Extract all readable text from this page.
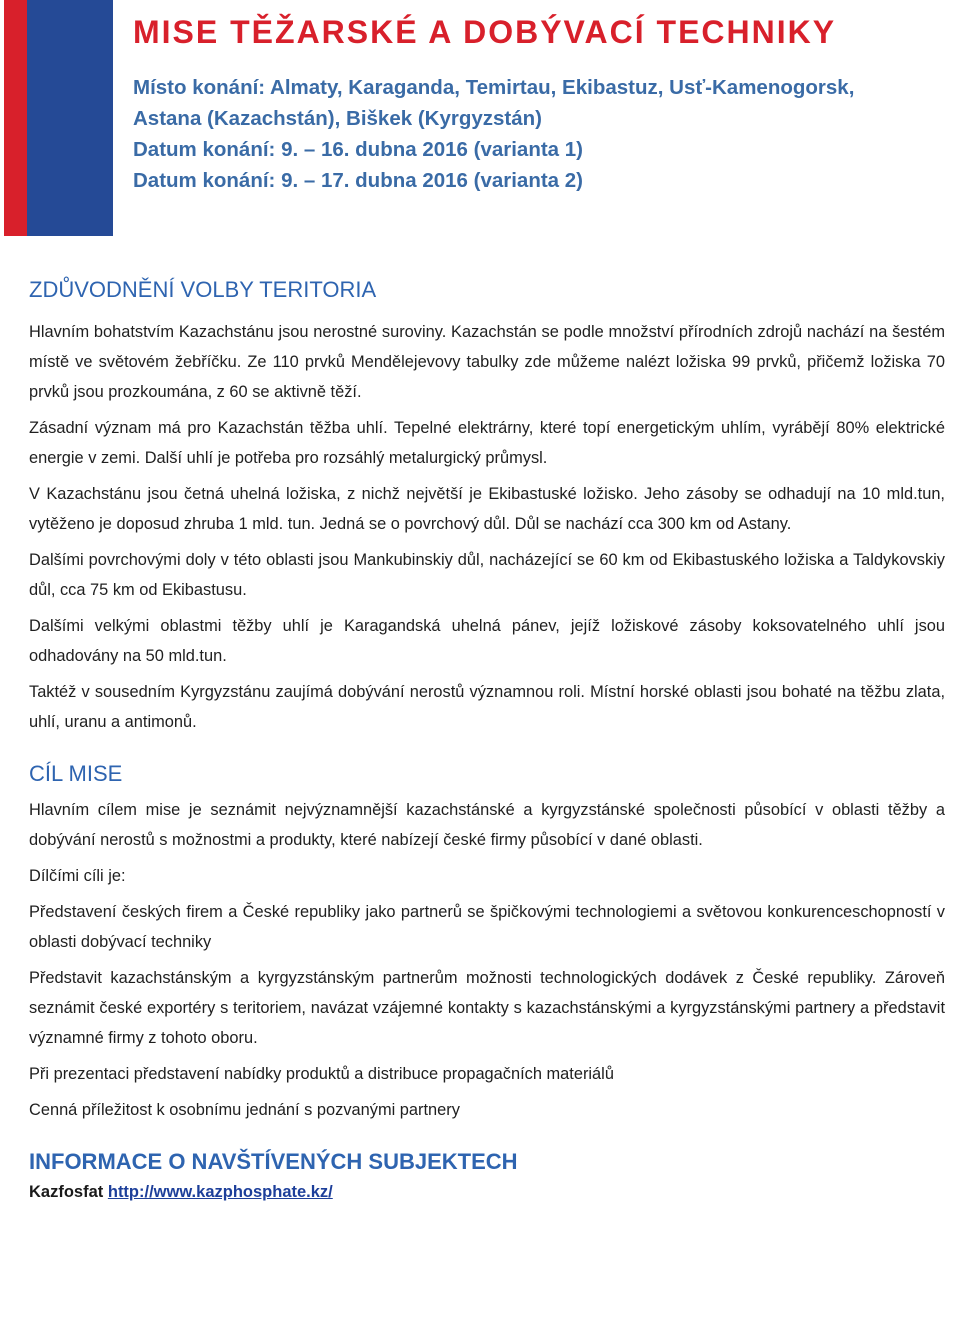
MISE TĚŽARSKÉ A DOBÝVACÍ TECHNIKY
Místo konání: Almaty, Karaganda, Temirtau, Ekibastuz, Usť-Kamenogorsk,
Astana (Kazachstán), Biškek (Kyrgyzstán)
Datum konání: 9. – 16. dubna 2016 (varianta 1)
Datum konání: 9. – 17. dubna 2016 (varianta 2)
ZDŮVODNĚNÍ VOLBY TERITORIA

Hlavním bohatstvím Kazachstánu jsou nerostné suroviny. Kazachstán se podle množství přírodních zdrojů nachází na šestém místě ve světovém žebříčku. Ze 110 prvků Mendělejevovy tabulky zde můžeme nalézt ložiska 99 prvků, přičemž ložiska 70 prvků jsou prozkoumána, z 60 se aktivně těží.

Zásadní význam má pro Kazachstán těžba uhlí. Tepelné elektrárny, které topí energetickým uhlím, vyrábějí 80% elektrické energie v zemi. Další uhlí je potřeba pro rozsáhlý metalurgický průmysl.

V Kazachstánu jsou četná uhelná ložiska, z nichž největší je Ekibastuské ložisko. Jeho zásoby se odhadují na 10 mld.tun, vytěženo je doposud zhruba 1 mld. tun. Jedná se o povrchový důl. Důl se nachází cca 300 km od Astany.

Dalšími povrchovými doly v této oblasti jsou Mankubinskiy důl, nacházející se 60 km od Ekibastuského ložiska a Taldykovskiy důl, cca 75 km od Ekibastusu.

Dalšími velkými oblastmi těžby uhlí je Karagandská uhelná pánev, jejíž ložiskové zásoby koksovatelného uhlí jsou odhadovány na 50 mld.tun.

Taktéž v sousedním Kyrgyzstánu zaujímá dobývání nerostů významnou roli. Místní horské oblasti jsou bohaté na těžbu zlata, uhlí, uranu a antimonů.

CÍL MISE

Hlavním cílem mise je seznámit nejvýznamnější kazachstánské a kyrgyzstánské společnosti působící v oblasti těžby a dobývání nerostů s možnostmi a produkty, které nabízejí české firmy působící v dané oblasti.

Dílčími cíli je:

Představení českých firem a České republiky jako partnerů se špičkovými technologiemi a světovou konkurenceschopností v oblasti dobývací techniky

Představit kazachstánským a kyrgyzstánským partnerům možnosti technologických dodávek z České republiky. Zároveň seznámit české exportéry s teritoriem, navázat vzájemné kontakty s kazachstánskými a kyrgyzstánskými partnery a představit významné firmy z tohoto oboru.

Při prezentaci představení nabídky produktů a distribuce propagačních materiálů

Cenná příležitost k osobnímu jednání s pozvanými partnery

INFORMACE O NAVŠTÍVENÝCH SUBJEKTECH
Kazfosfat http://www.kazphosphate.kz/
